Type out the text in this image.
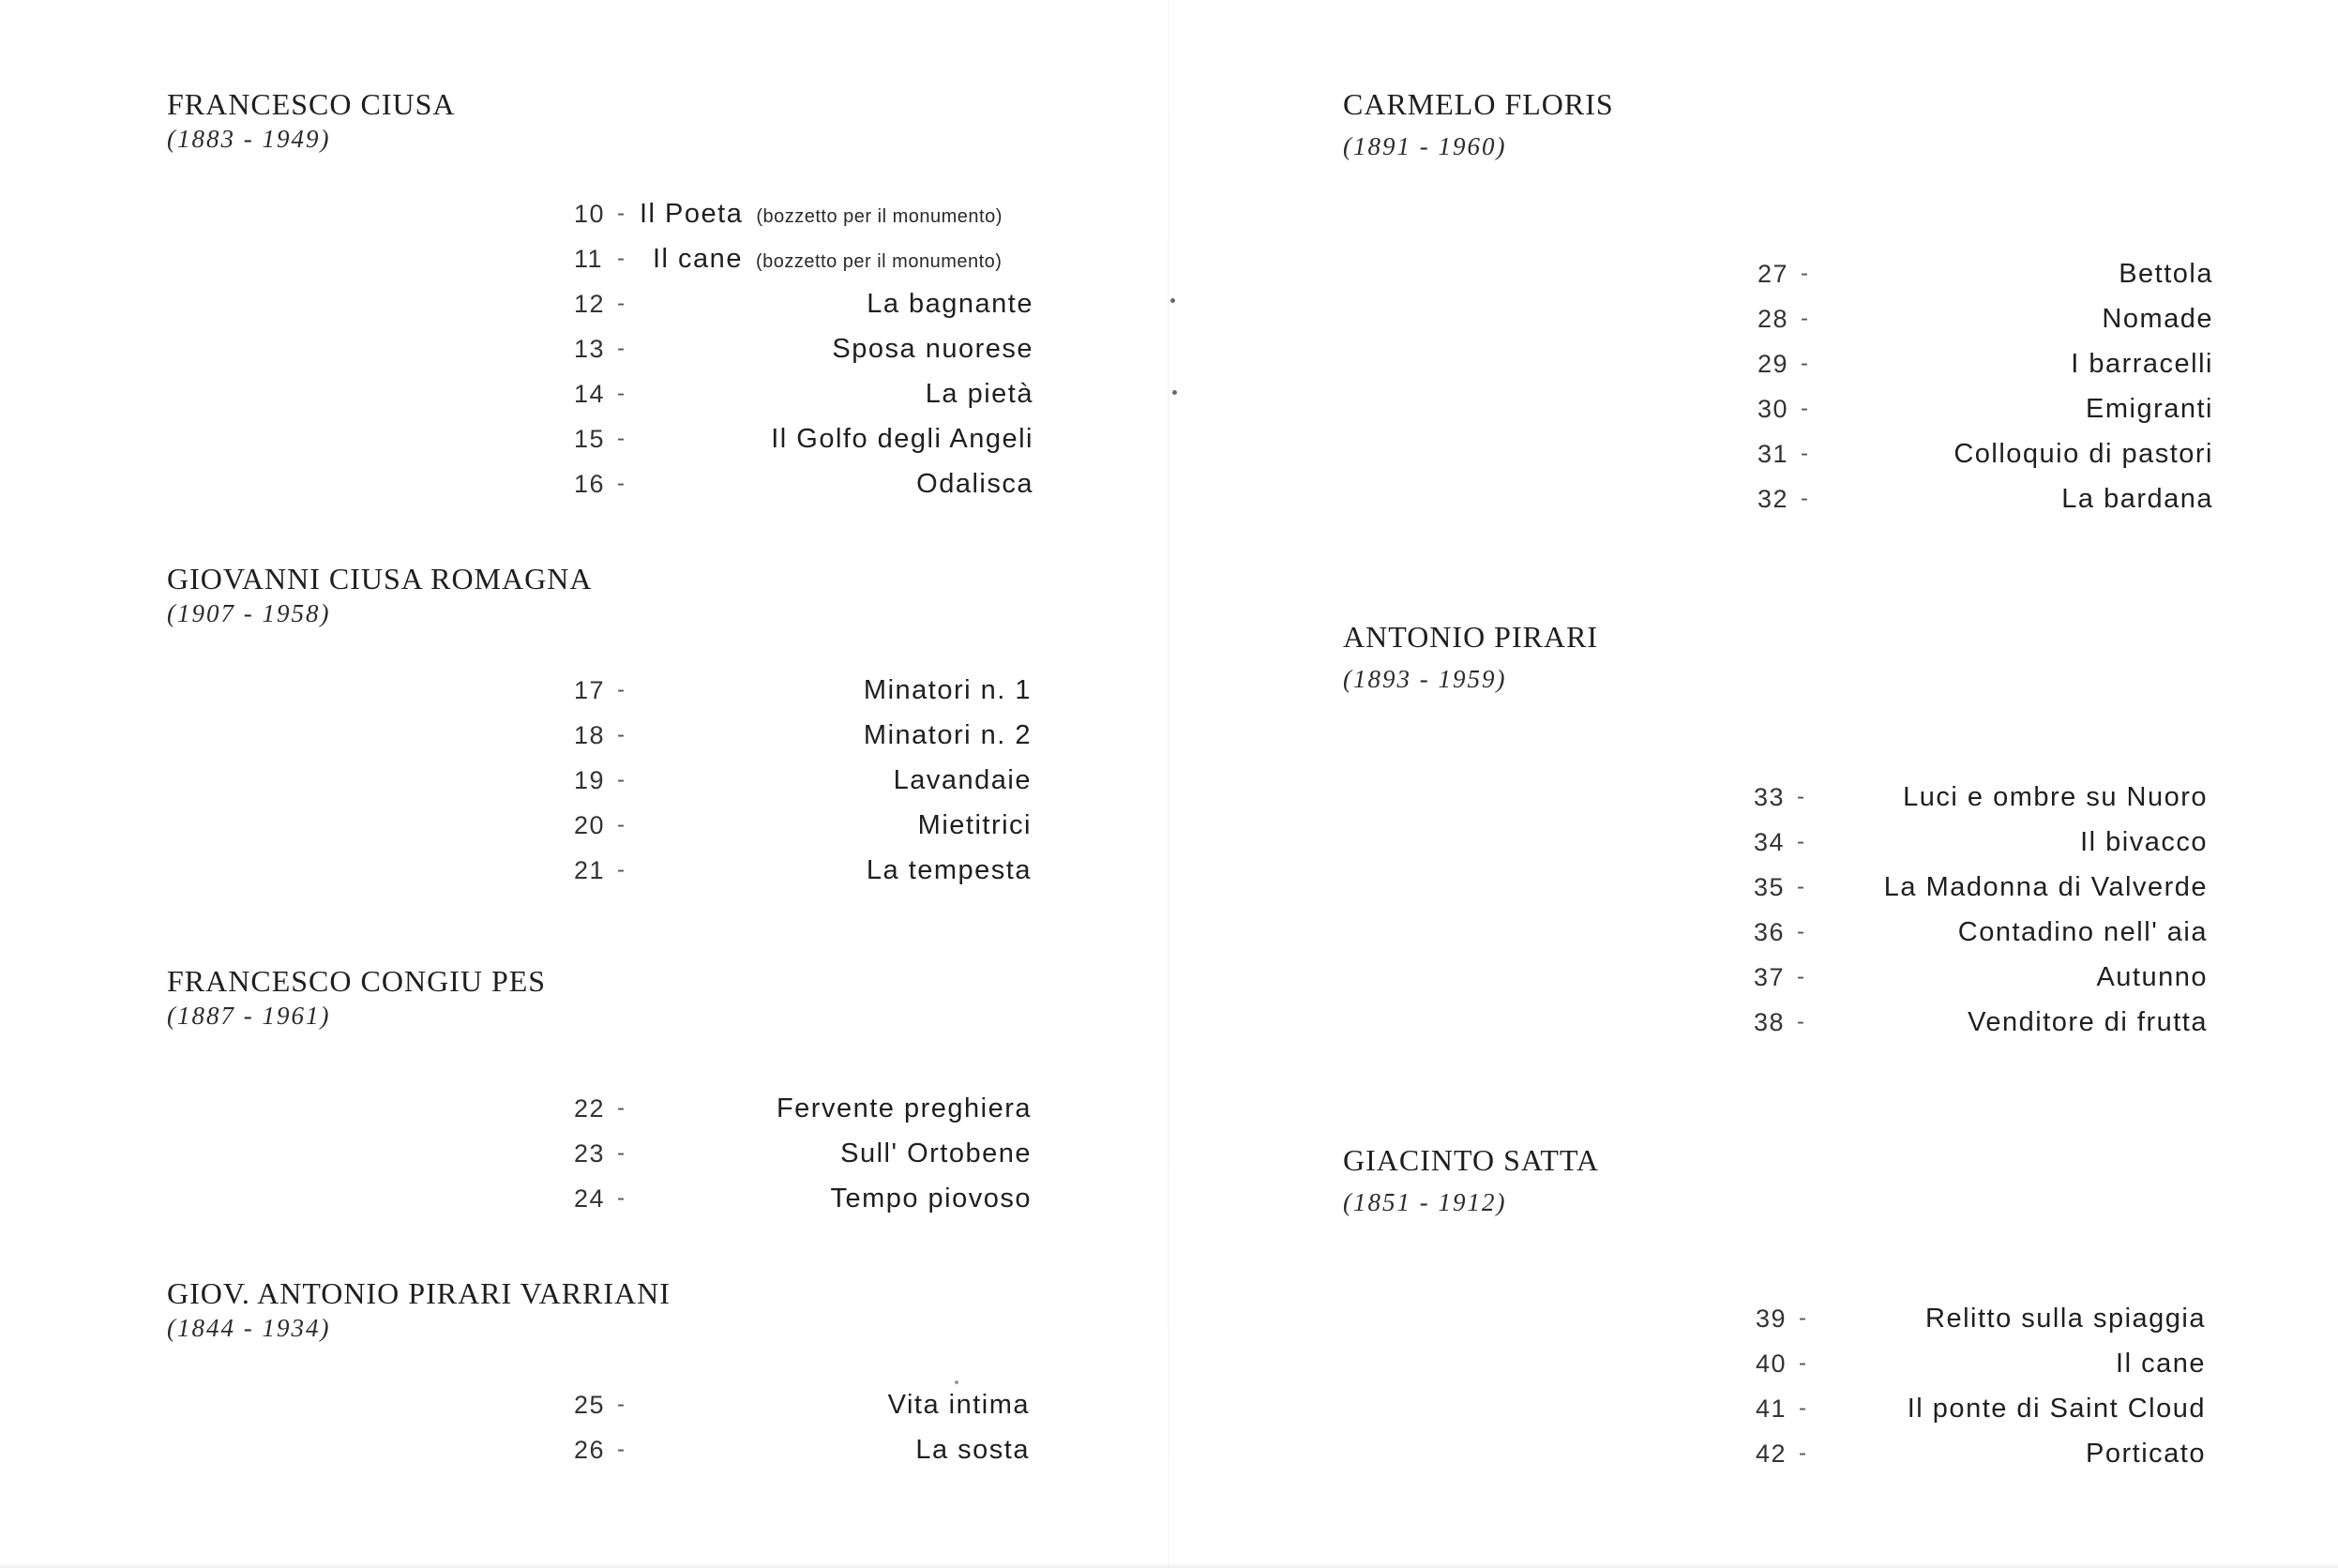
FRANCESCO CIUSA
(1883 - 1949)
10 - Il Poeta (bozzetto per il monumento)
11 - Il cane (bozzetto per il monumento)
12 -	La bagnante
13 -	Sposa nuorese
14 -	La pietà
15 -	Il Golfo degli Angeli
16 -	Odalisca
GIOVANNI CIUSA ROMAGNA
(1907 - 1958)
17 -	Minatori n. 1
18 -	Minatori n. 2
19 -	Lavandaie
20 -	Mietitrici
21 -	La tempesta
FRANCESCO CONGIU PES
(1887 - 1961)
22 -	Fervente preghiera
23 -	Sull' Ortobene
24 -	Tempo piovoso
GIOV. ANTONIO PIRARI VARRIANI
(1844 - 1934)
25 -	Vita intima
26 -	La sosta
CARMELO FLORIS
(1891 - 1960)
27 -	Bettola
28 -	Nomade
29 -	I barracelli
30 -	Emigranti
31 -	Colloquio di pastori
32 -	La bardana
ANTONIO PIRARI
(1893 - 1959)
33 -	Luci e ombre su Nuoro
34 -	Il bivacco
35 -	La Madonna di Valverde
36 -	Contadino nell' aia
37 -	Autunno
38 -	Venditore di frutta
GIACINTO SATTA
(1851 - 1912)
39 -	Relitto sulla spiaggia
40 -	Il cane
41 -	Il ponte di Saint Cloud
42 -	Porticato
